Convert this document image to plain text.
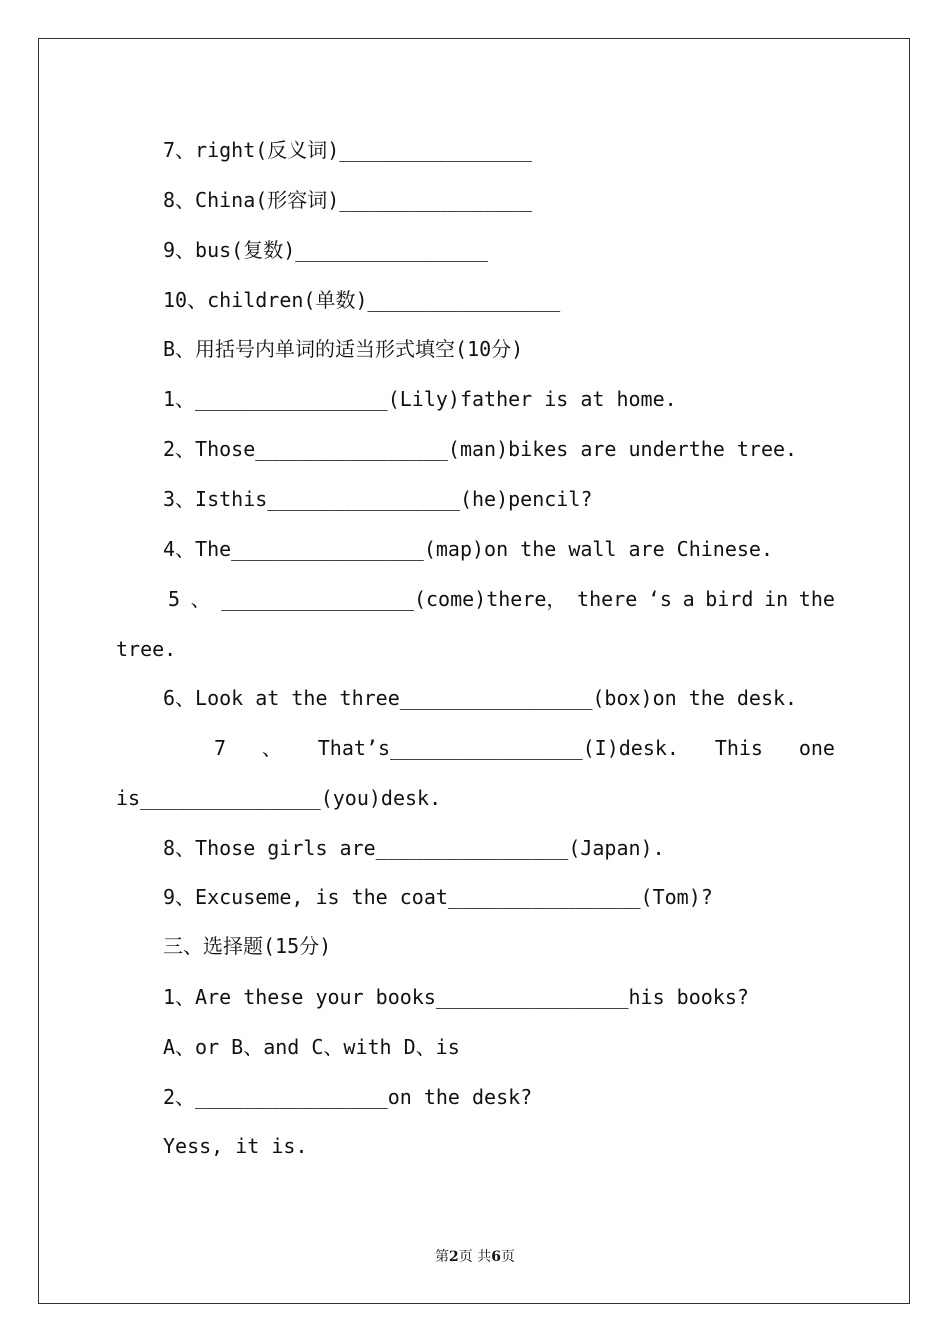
7、right(反义词)________________
8、China(形容词)________________
9、bus(复数)________________
10、children(单数)________________
B、用括号内单词的适当形式填空(10分)
1、________________(Lily)father is at home.
2、Those________________(man)bikes are underthe tree.
3、Isthis________________(he)pencil?
4、The________________(map)on the wall are Chinese.
5 、 ________________(come)there， there ‘s a bird in the
tree.
6、Look at the three________________(box)on the desk.
7 、 That’s________________(I)desk. This one
is_______________(you)desk.
8、Those girls are________________(Japan).
9、Excuseme, is the coat________________(Tom)?
三、选择题(15分)
1、Are these your books________________his books?
A、or B、and C、with D、is
2、________________on the desk?
Yess, it is.
第2页 共6页
